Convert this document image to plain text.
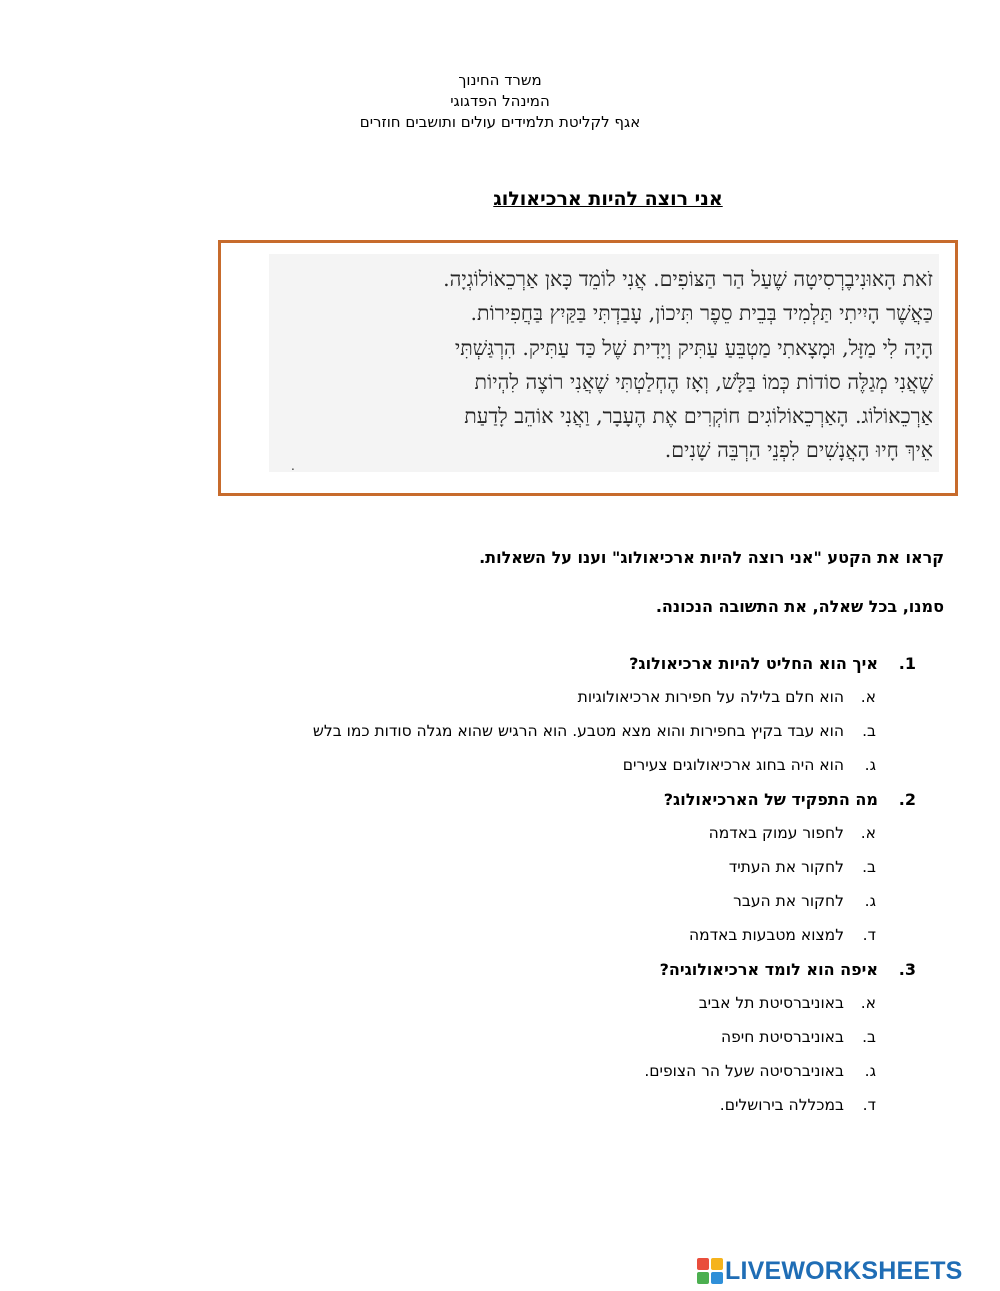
משרד החינוך
המינהל הפדגוגי
אגף לקליטת תלמידים עולים ותושבים חוזרים
אני רוצה להיות ארכיאולוג
זֹאת הָאוּנִיבֶרְסִיטָה שֶׁעַל הַר הַצּוֹפִים. אֲנִי לוֹמֵד כָּאן אַרְכֵאוֹלוֹגְיָה.
כַּאֲשֶׁר הָיִיתִי תַּלְמִיד בְּבֵית סֵפֶר תִּיכוֹן, עָבַדְתִּי בַּקַּיִץ בַּחֲפִירוֹת.
הָיָה לִי מַזָּל, וּמָצָאתִי מַטְבֵּעַ עַתִּיק וְיָדִית שֶׁל כַּד עַתִּיק. הִרְגַּשְׁתִּי
שֶׁאֲנִי מְגַלֶּה סוֹדוֹת כְּמוֹ בַּלָּשׁ, וְאָז הֶחְלַטְתִּי שֶׁאֲנִי רוֹצֶה לִהְיוֹת
אַרְכֵאוֹלוֹג. הָאַרְכֵאוֹלוֹגִים חוֹקְרִים אֶת הֶעָבָר, וַאֲנִי אוֹהֵב לָדַעַת
אֵיךְ חָיוּ הָאֲנָשִׁים לִפְנֵי הַרְבֵּה שָׁנִים.
.
קראו את הקטע "אני רוצה להיות ארכיאולוג" וענו על השאלות.
סמנו, בכל שאלה, את התשובה הנכונה.
1.
איך הוא החליט להיות ארכיאולוג?
א.
הוא חלם בלילה על חפירות ארכיאולוגיות
ב.
הוא עבד בקיץ בחפירות והוא מצא מטבע. הוא הרגיש שהוא מגלה סודות כמו בלש
ג.
הוא היה בחוג ארכיאולוגים צעירים
2.
מה התפקיד של הארכיאולוג?
א.
לחפור עמוק באדמה
ב.
לחקור את העתיד
ג.
לחקור את העבר
ד.
למצוא מטבעות באדמה
3.
איפה הוא לומד ארכיאולוגיה?
א.
באוניברסיטת תל אביב
ב.
באוניברסיטת חיפה
ג.
באוניברסיטה שעל הר הצופים.
ד.
במכללה בירושלים.
LIVEWORKSHEETS
